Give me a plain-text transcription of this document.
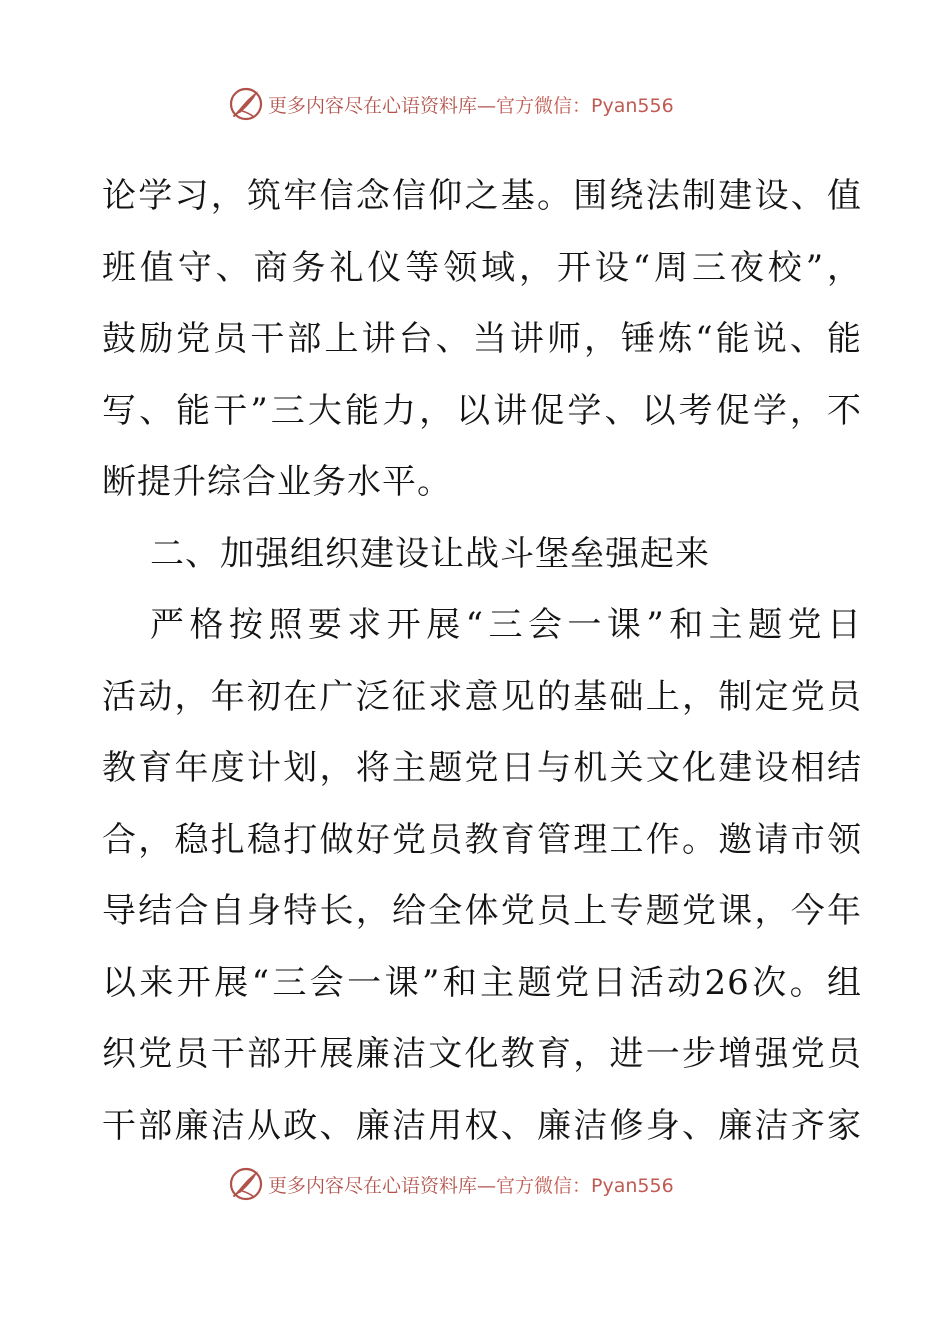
更多内容尽在心语资料库— 官方微信：Pyan556
论学习，筑牢信念信仰之基。围绕法制建设、值
班值守、商务礼仪等领域，开设“周三夜校”，
鼓励党员干部上讲台、当讲师，锤炼“能说、能
写、能干”三大能力，以讲促学、以考促学，不
断提升综合业务水平。
二、加强组织建设让战斗堡垒强起来
严格按照要求开展“三会一课”和主题党日
活动，年初在广泛征求意见的基础上，制定党员
教育年度计划，将主题党日与机关文化建设相结
合，稳扎稳打做好党员教育管理工作。邀请市领
导结合自身特长，给全体党员上专题党课，今年
以来开展“三会一课”和主题党日活动26次。组
织党员干部开展廉洁文化教育，进一步增强党员
干部廉洁从政、廉洁用权、廉洁修身、廉洁齐家
更多内容尽在心语资料库— 官方微信：Pyan556
